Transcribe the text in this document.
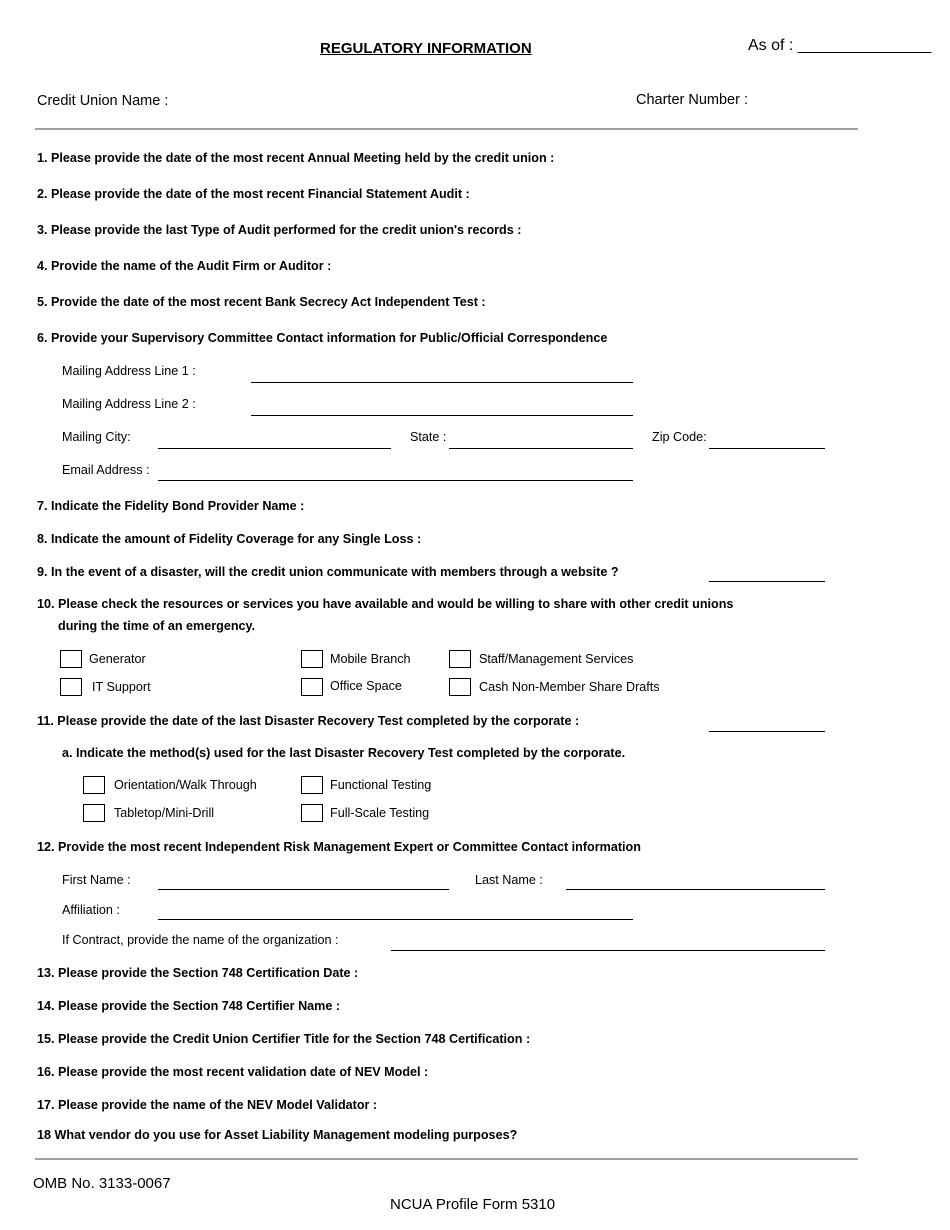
REGULATORY INFORMATION	As of : _______________
Credit Union Name :	Charter Number :
1. Please provide the date of the most recent Annual Meeting held by the credit union :
2. Please provide the date of the most recent Financial Statement Audit :
3. Please provide the last Type of Audit performed for the credit union's records :
4. Provide the name of the Audit Firm or Auditor :
5. Provide the date of the most recent Bank Secrecy Act Independent Test :
6. Provide your Supervisory Committee Contact information for Public/Official Correspondence
Mailing Address Line 1 :
Mailing Address Line 2 :
Mailing City:	State :	Zip Code:
Email Address :
7. Indicate the Fidelity Bond Provider Name :
8. Indicate the amount of Fidelity Coverage for any Single Loss :
9. In the event of a disaster, will the credit union communicate with members through a website ?
10. Please check the resources or services you have available and would be willing to share with other credit unions
during the time of an emergency.
Generator
IT Support
Mobile Branch
Office Space
Staff/Management Services
Cash Non-Member Share Drafts
11. Please provide the date of the last Disaster Recovery Test completed by the corporate :
a. Indicate the method(s) used for the last Disaster Recovery Test completed by the corporate.
Orientation/Walk Through
Tabletop/Mini-Drill
Functional Testing
Full-Scale Testing
12. Provide the most recent Independent Risk Management Expert or Committee Contact information
First Name :	Last Name :
Affiliation :
If Contract, provide the name of the organization :
13. Please provide the Section 748 Certification Date :
14. Please provide the Section 748 Certifier Name :
15. Please provide the Credit Union Certifier Title for the Section 748 Certification :
16. Please provide the most recent validation date of NEV Model :
17. Please provide the name of the NEV Model Validator :
18 What vendor do you use for Asset Liability Management modeling purposes?
OMB No. 3133-0067
NCUA Profile Form 5310
